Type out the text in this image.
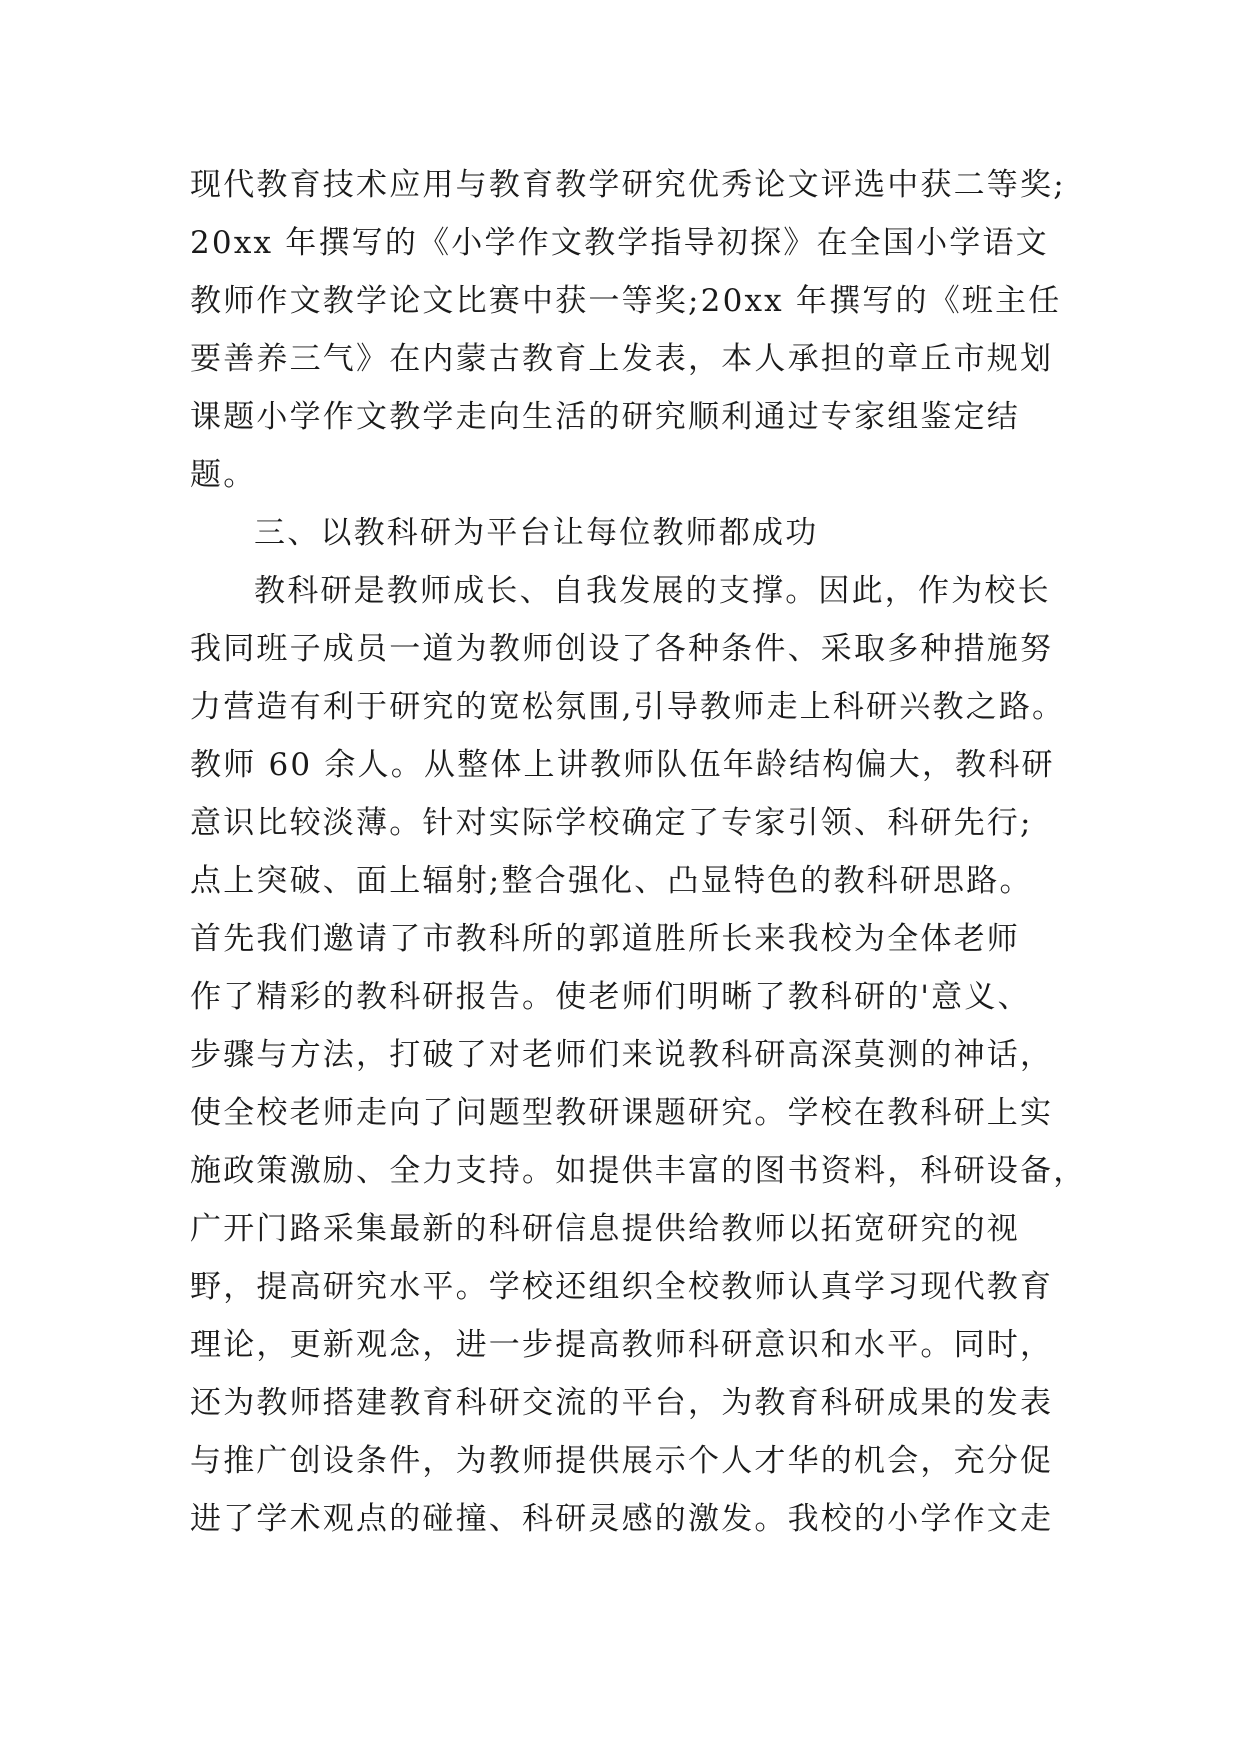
现代教育技术应用与教育教学研究优秀论文评选中获二等奖;
20xx 年撰写的《小学作文教学指导初探》在全国小学语文
教师作文教学论文比赛中获一等奖;20xx 年撰写的《班主任
要善养三气》在内蒙古教育上发表，本人承担的章丘市规划
课题小学作文教学走向生活的研究顺利通过专家组鉴定结
题。
三、以教科研为平台让每位教师都成功
教科研是教师成长、自我发展的支撑。因此，作为校长
我同班子成员一道为教师创设了各种条件、采取多种措施努
力营造有利于研究的宽松氛围,引导教师走上科研兴教之路。
教师 60 余人。从整体上讲教师队伍年龄结构偏大，教科研
意识比较淡薄。针对实际学校确定了专家引领、科研先行;
点上突破、面上辐射;整合强化、凸显特色的教科研思路。
首先我们邀请了市教科所的郭道胜所长来我校为全体老师
作了精彩的教科研报告。使老师们明晰了教科研的'意义、
步骤与方法，打破了对老师们来说教科研高深莫测的神话，
使全校老师走向了问题型教研课题研究。学校在教科研上实
施政策激励、全力支持。如提供丰富的图书资料，科研设备，
广开门路采集最新的科研信息提供给教师以拓宽研究的视
野，提高研究水平。学校还组织全校教师认真学习现代教育
理论，更新观念，进一步提高教师科研意识和水平。同时，
还为教师搭建教育科研交流的平台，为教育科研成果的发表
与推广创设条件，为教师提供展示个人才华的机会，充分促
进了学术观点的碰撞、科研灵感的激发。我校的小学作文走
